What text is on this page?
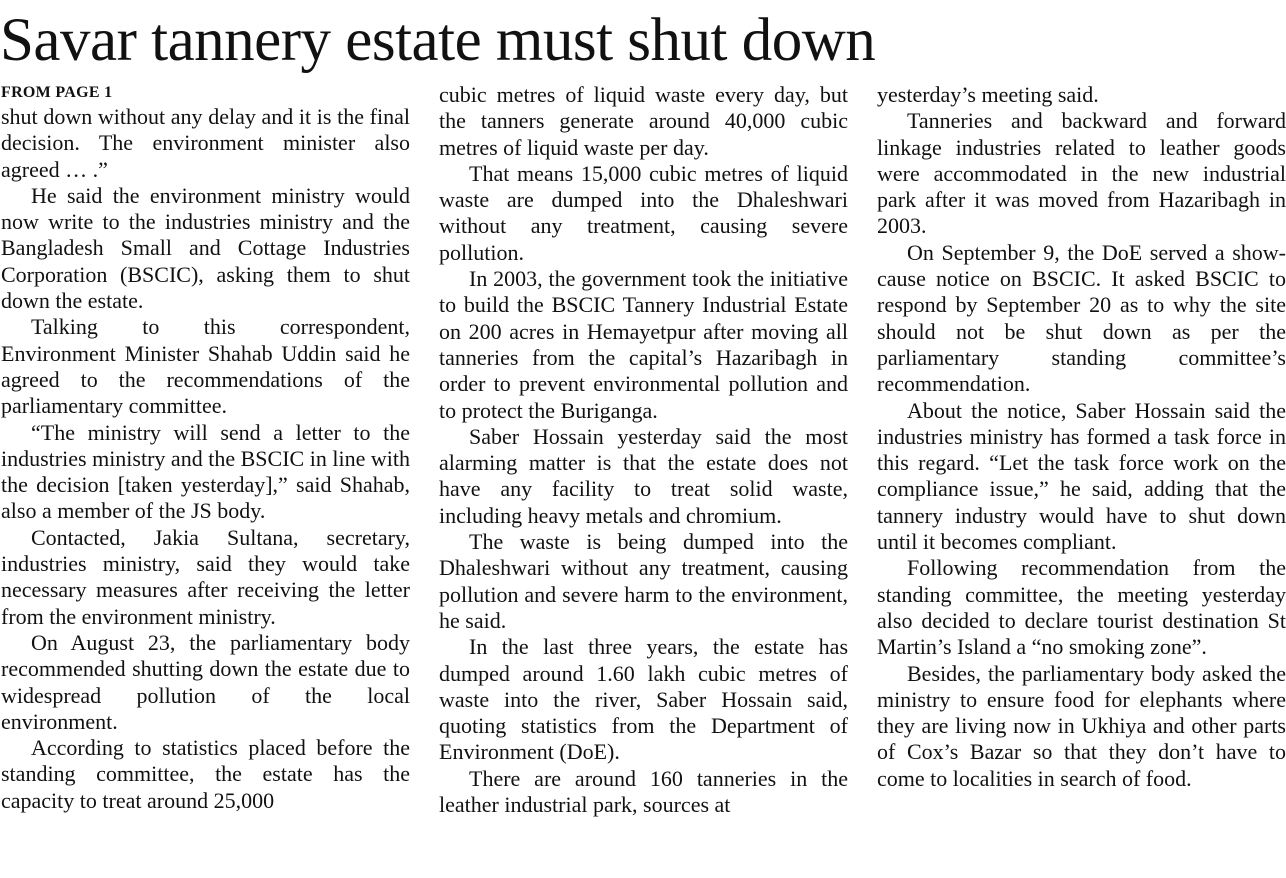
Savar tannery estate must shut down
FROM PAGE 1

shut down without any delay and it is the final decision. The environment minister also agreed … .”

He said the environment ministry would now write to the industries ministry and the Bangladesh Small and Cottage Industries Corporation (BSCIC), asking them to shut down the estate.

Talking to this correspondent, Environment Minister Shahab Uddin said he agreed to the recommendations of the parliamentary committee.

“The ministry will send a letter to the industries ministry and the BSCIC in line with the decision [taken yesterday],” said Shahab, also a member of the JS body.

Contacted, Jakia Sultana, secretary, industries ministry, said they would take necessary measures after receiving the letter from the environment ministry.

On August 23, the parliamentary body recommended shutting down the estate due to widespread pollution of the local environment.

According to statistics placed before the standing committee, the estate has the capacity to treat around 25,000

cubic metres of liquid waste every day, but the tanners generate around 40,000 cubic metres of liquid waste per day.

That means 15,000 cubic metres of liquid waste are dumped into the Dhaleshwari without any treatment, causing severe pollution.

In 2003, the government took the initiative to build the BSCIC Tannery Industrial Estate on 200 acres in Hemayetpur after moving all tanneries from the capital’s Hazaribagh in order to prevent environmental pollution and to protect the Buriganga.

Saber Hossain yesterday said the most alarming matter is that the estate does not have any facility to treat solid waste, including heavy metals and chromium.

The waste is being dumped into the Dhaleshwari without any treatment, causing pollution and severe harm to the environment, he said.

In the last three years, the estate has dumped around 1.60 lakh cubic metres of waste into the river, Saber Hossain said, quoting statistics from the Department of Environment (DoE).

There are around 160 tanneries in the leather industrial park, sources at

yesterday’s meeting said.

Tanneries and backward and forward linkage industries related to leather goods were accommodated in the new industrial park after it was moved from Hazaribagh in 2003.

On September 9, the DoE served a show-cause notice on BSCIC. It asked BSCIC to respond by September 20 as to why the site should not be shut down as per the parliamentary standing committee’s recommendation.

About the notice, Saber Hossain said the industries ministry has formed a task force in this regard. “Let the task force work on the compliance issue,” he said, adding that the tannery industry would have to shut down until it becomes compliant.

Following recommendation from the standing committee, the meeting yesterday also decided to declare tourist destination St Martin’s Island a “no smoking zone”.

Besides, the parliamentary body asked the ministry to ensure food for elephants where they are living now in Ukhiya and other parts of Cox’s Bazar so that they don’t have to come to localities in search of food.
